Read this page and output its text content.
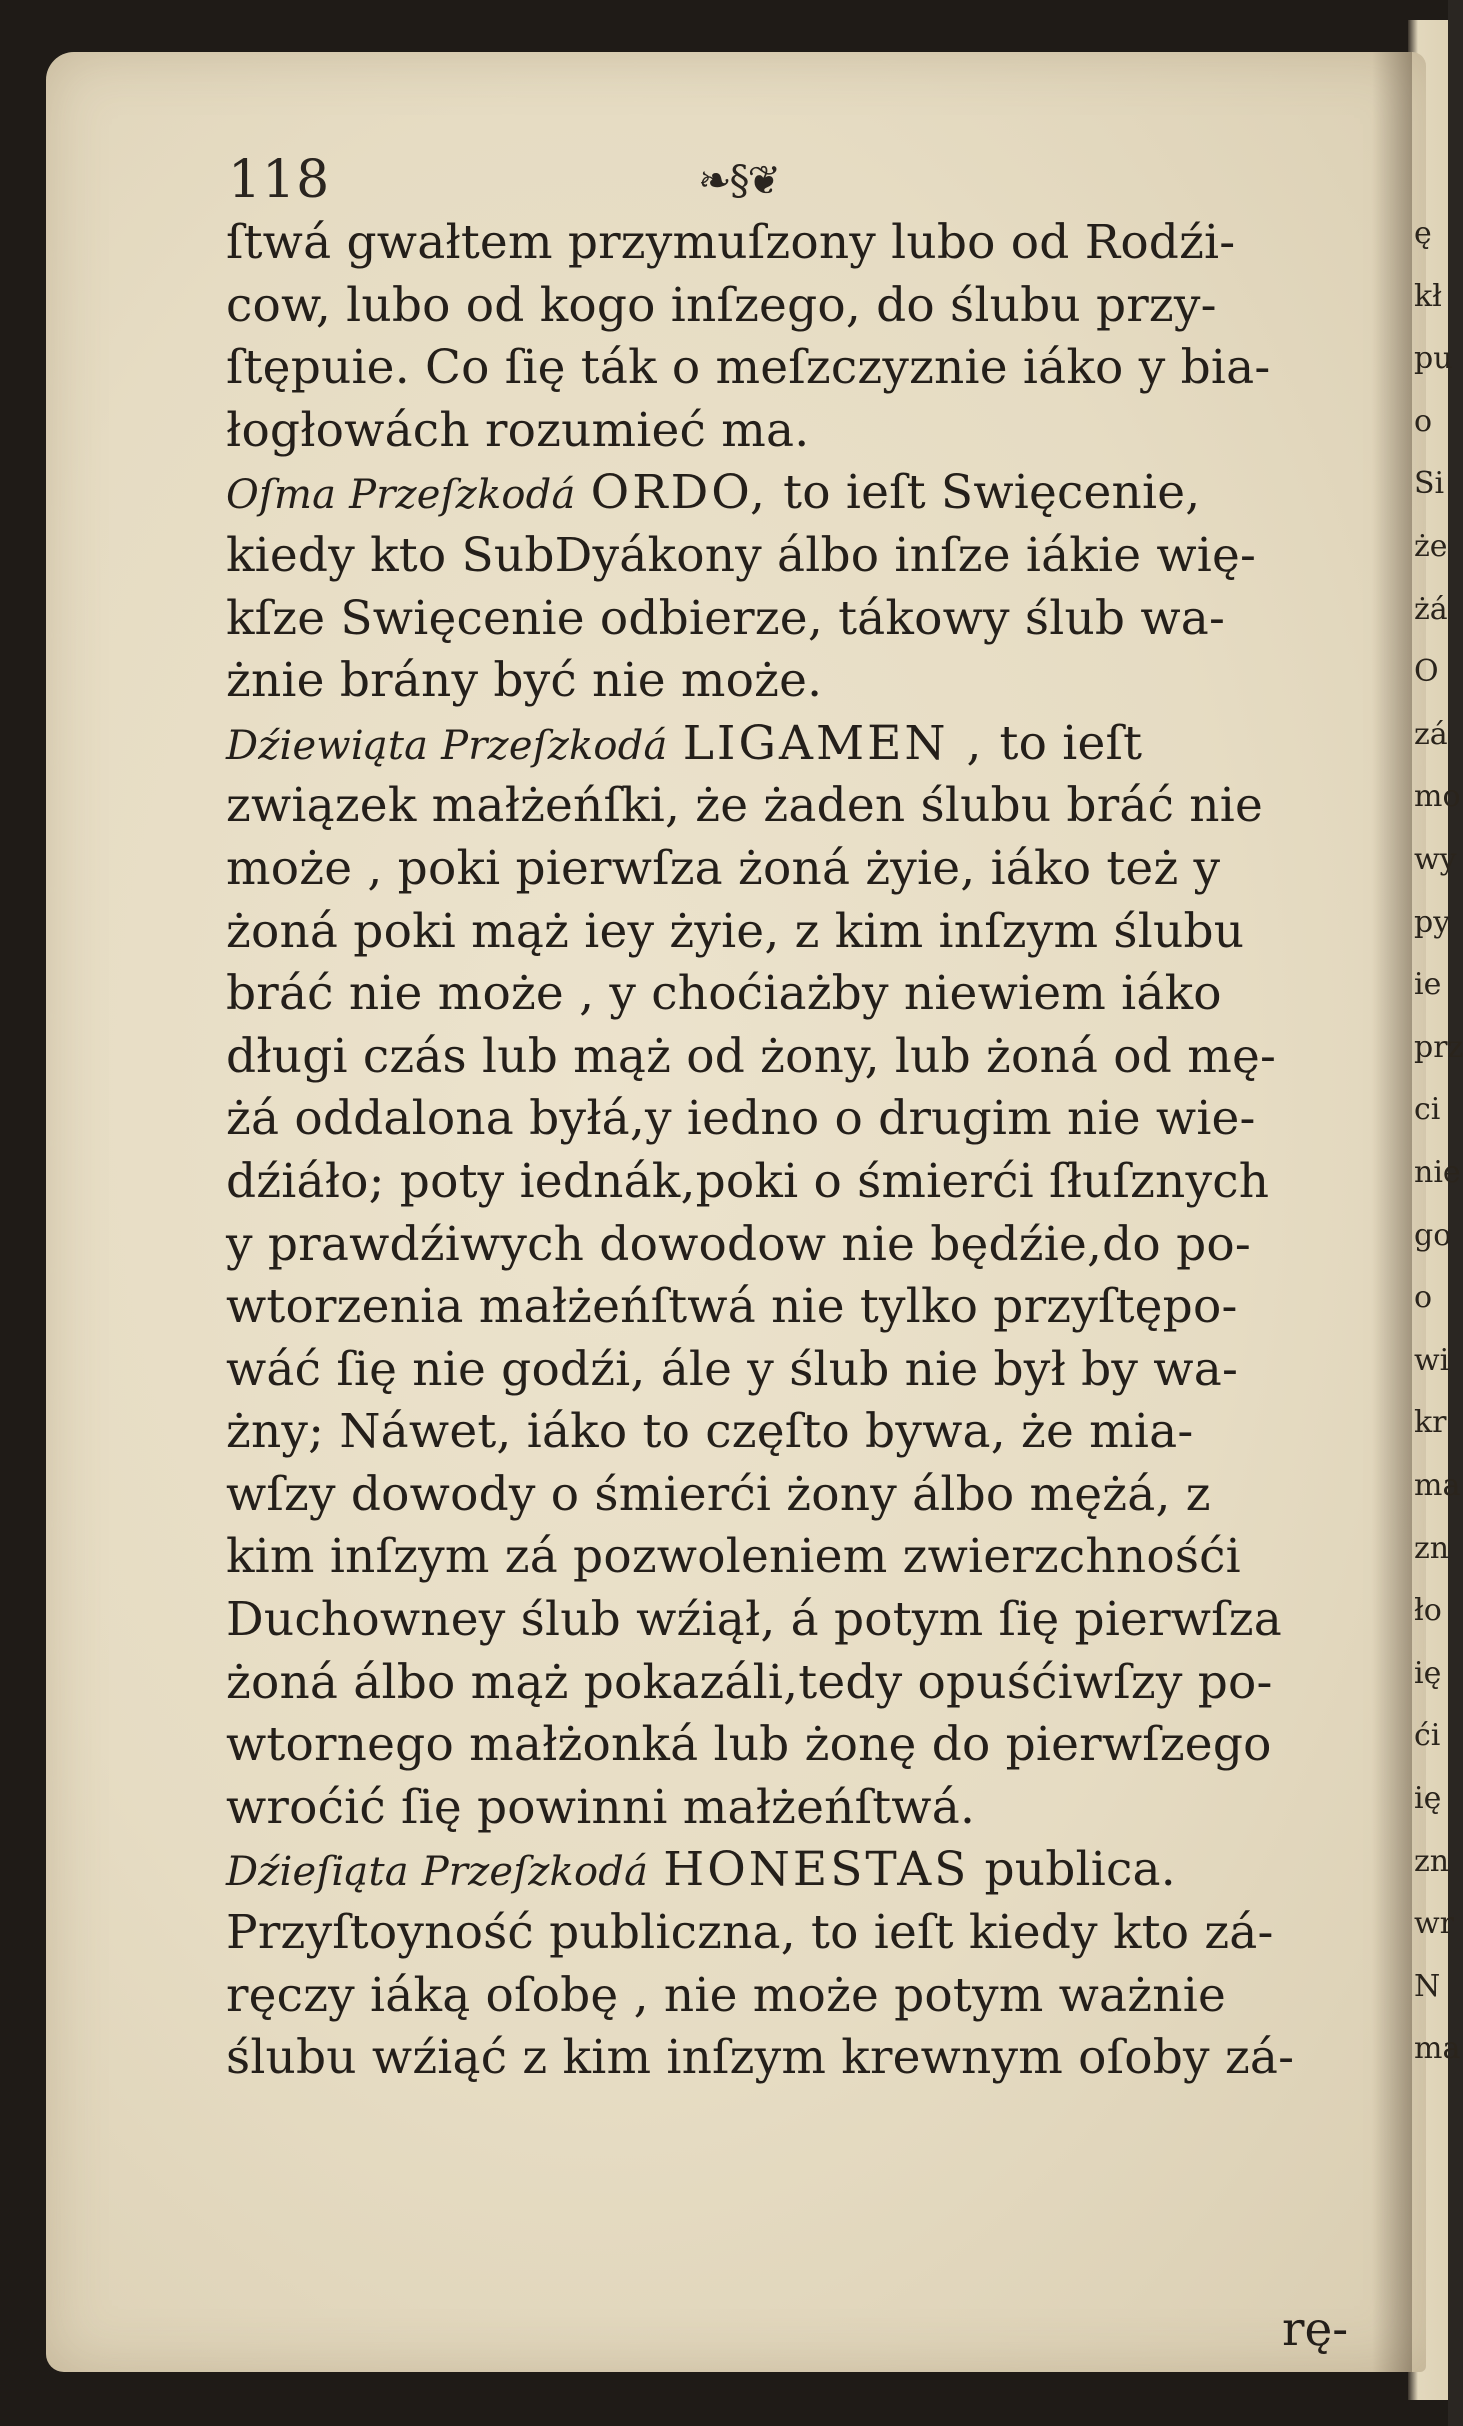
ę
kł
pu
o
Si
że
żá
O
zá
mo
wy
py
ie
prz
ci
nie
go
o
wi
kr
ma
zn
ło
ię
ći
ię
zn
wr
N
ma
118	❧§❦
ſtwá gwałtem przymuſzony lubo od Rodźi-
cow, lubo od kogo inſzego, do ślubu przy-
ſtępuie. Co ſię ták o meſzczyznie iáko y bia-
łogłowách rozumieć ma.
Oſma Przeſzkodá ORDO, to ieſt Swięcenie,
kiedy kto SubDyákony álbo inſze iákie wię-
kſze Swięcenie odbierze, tákowy ślub wa-
żnie brány być nie może.
Dźiewiąta Przeſzkodá LIGAMEN , to ieſt
związek małżeńſki, że żaden ślubu bráć nie
może , poki pierwſza żoná żyie, iáko też y
żoná poki mąż iey żyie, z kim inſzym ślubu
bráć nie może , y choćiażby niewiem iáko
długi czás lub mąż od żony, lub żoná od mę-
żá oddalona byłá,y iedno o drugim nie wie-
dźiáło; poty iednák,poki o śmierći ſłuſznych
y prawdźiwych dowodow nie będźie,do po-
wtorzenia małżeńſtwá nie tylko przyſtępo-
wáć ſię nie godźi, ále y ślub nie był by wa-
żny; Náwet, iáko to częſto bywa, że mia-
wſzy dowody o śmierći żony álbo mężá, z
kim inſzym zá pozwoleniem zwierzchnośći
Duchowney ślub wźiął, á potym ſię pierwſza
żoná álbo mąż pokazáli,tedy opuśćiwſzy po-
wtornego małżonká lub żonę do pierwſzego
wroćić ſię powinni małżeńſtwá.
Dźieſiąta Przeſzkodá HONESTAS publica.
Przyſtoyność publiczna, to ieſt kiedy kto zá-
ręczy iáką oſobę , nie może potym ważnie
ślubu wźiąć z kim inſzym krewnym oſoby zá-
rę-
